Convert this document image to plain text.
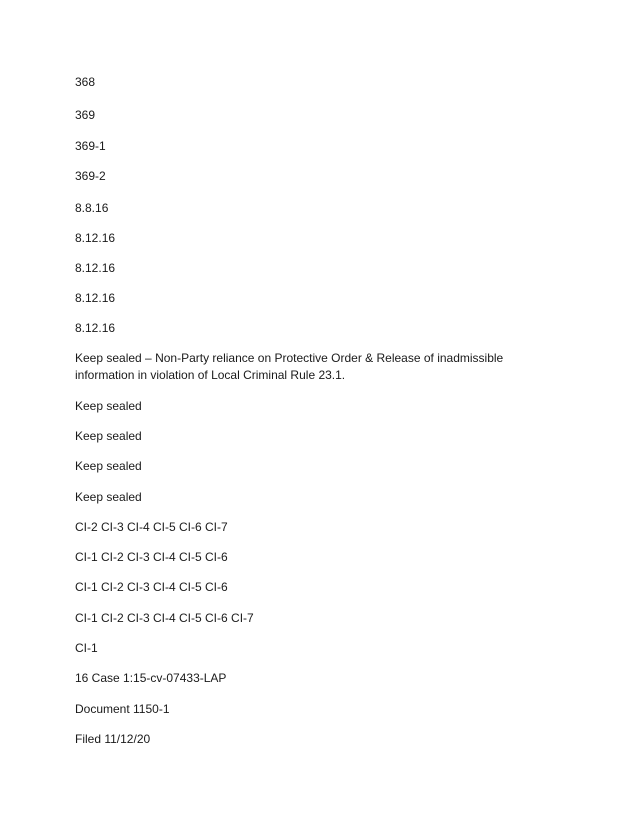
368
369
369-1
369-2
8.8.16
8.12.16
8.12.16
8.12.16
8.12.16
Keep sealed – Non-Party reliance on Protective Order & Release of inadmissible information in violation of Local Criminal Rule 23.1.
Keep sealed
Keep sealed
Keep sealed
Keep sealed
CI-2 CI-3 CI-4 CI-5 CI-6 CI-7
CI-1 CI-2 CI-3 CI-4 CI-5 CI-6
CI-1 CI-2 CI-3 CI-4 CI-5 CI-6
CI-1 CI-2 CI-3 CI-4 CI-5 CI-6 CI-7
CI-1
16 Case 1:15-cv-07433-LAP
Document 1150-1
Filed 11/12/20
